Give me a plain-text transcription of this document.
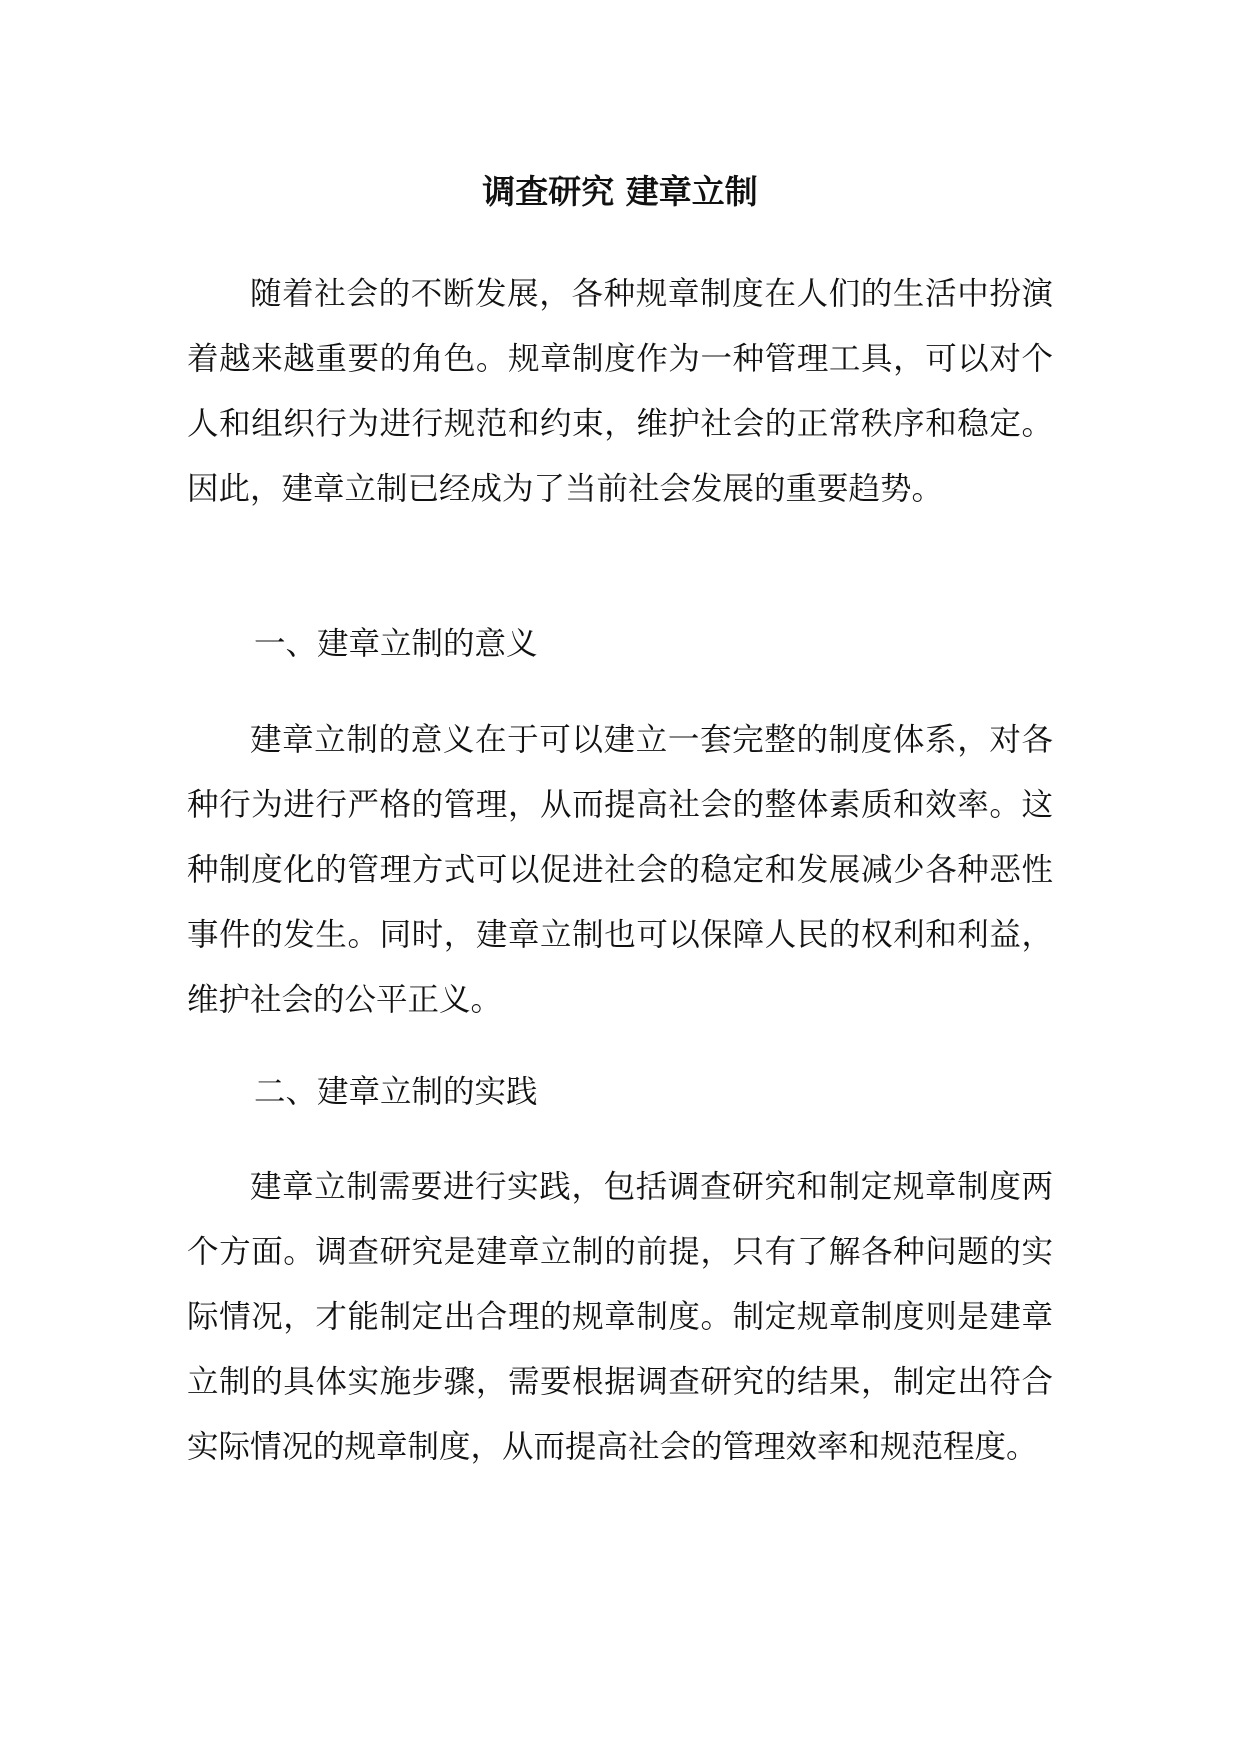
调查研究 建章立制

随着社会的不断发展，各种规章制度在人们的生活中扮演着越来越重要的角色。规章制度作为一种管理工具，可以对个人和组织行为进行规范和约束，维护社会的正常秩序和稳定。因此，建章立制已经成为了当前社会发展的重要趋势。

一、建章立制的意义

建章立制的意义在于可以建立一套完整的制度体系，对各种行为进行严格的管理，从而提高社会的整体素质和效率。这种制度化的管理方式可以促进社会的稳定和发展减少各种恶性事件的发生。同时，建章立制也可以保障人民的权利和利益，维护社会的公平正义。

二、建章立制的实践

建章立制需要进行实践，包括调查研究和制定规章制度两个方面。调查研究是建章立制的前提，只有了解各种问题的实际情况，才能制定出合理的规章制度。制定规章制度则是建章立制的具体实施步骤，需要根据调查研究的结果，制定出符合实际情况的规章制度，从而提高社会的管理效率和规范程度。
